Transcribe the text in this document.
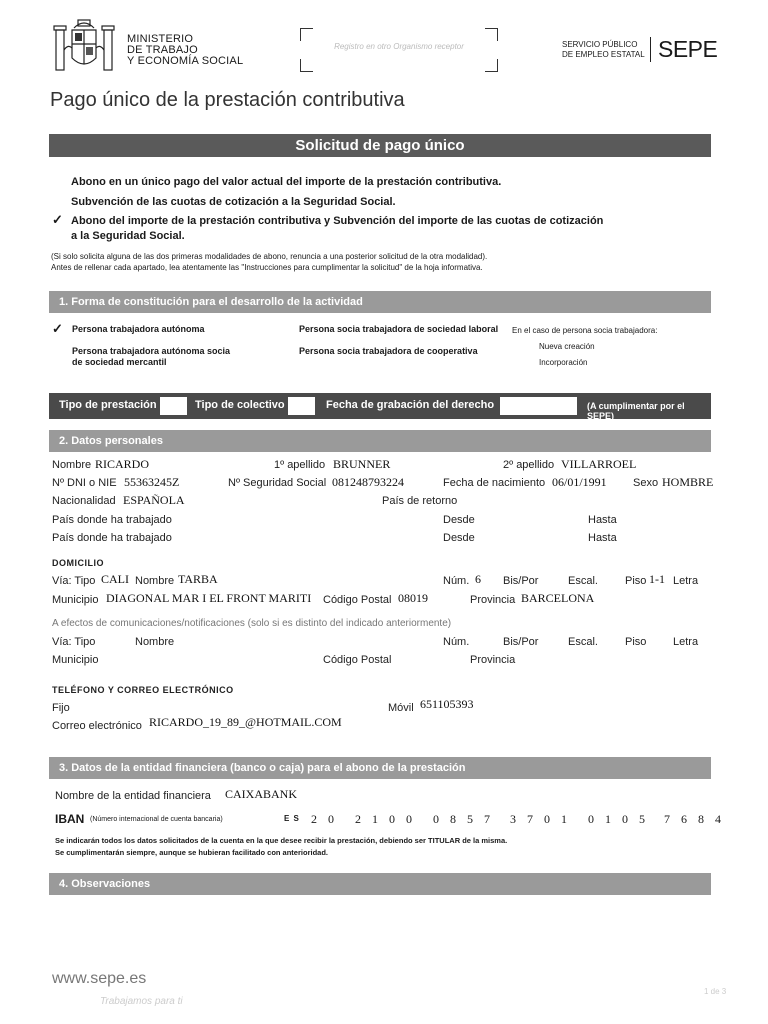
MINISTERIO
DE TRABAJO
Y ECONOMÍA SOCIAL
Registro en otro Organismo receptor	SERVICIO PÚBLICO
DE EMPLEO ESTATAL SEPE
Pago único de la prestación contributiva
Solicitud de pago único
Abono en un único pago del valor actual del importe de la prestación contributiva.
Subvención de las cuotas de cotización a la Seguridad Social.
✓ Abono del importe de la prestación contributiva y Subvención del importe de las cuotas de cotización
a la Seguridad Social.
(Si solo solicita alguna de las dos primeras modalidades de abono, renuncia a una posterior solicitud de la otra modalidad).
Antes de rellenar cada apartado, lea atentamente las "Instrucciones para cumplimentar la solicitud" de la hoja informativa.
1. Forma de constitución para el desarrollo de la actividad
✓ Persona trabajadora autónoma
Persona trabajadora autónoma socia
de sociedad mercantil
Persona socia trabajadora de sociedad laboral
Persona socia trabajadora de cooperativa
En el caso de persona socia trabajadora:
Nueva creación
Incorporación
Tipo de prestación	Tipo de colectivo	Fecha de grabación del derecho	(A cumplimentar por el SEPE)
2. Datos personales
Nombre RICARDO	1º apellido BRUNNER	2º apellido VILLARROEL
Nº DNI o NIE 55363245Z	Nº Seguridad Social 081248793224	Fecha de nacimiento 06/01/1991 Sexo HOMBRE
Nacionalidad ESPAÑOLA	País de retorno
País donde ha trabajado	Desde	Hasta
País donde ha trabajado	Desde	Hasta
DOMICILIO
Vía: Tipo CALI Nombre TARBA	Núm. 6 Bis/Por	Escal. Piso 1-1 Letra
Municipio DIAGONAL MAR I EL FRONT MARITI	Código Postal 08019	Provincia BARCELONA
A efectos de comunicaciones/notificaciones (solo si es distinto del indicado anteriormente)
Vía: Tipo	Nombre	Núm.	Bis/Por	Escal. Piso Letra
Municipio	Código Postal	Provincia
TELÉFONO Y CORREO ELECTRÓNICO
Fijo	Móvil 651105393
Correo electrónico RICARDO_19_89_@HOTMAIL.COM
3. Datos de la entidad financiera (banco o caja) para el abono de la prestación
Nombre de la entidad financiera CAIXABANK
IBAN (Número internacional de cuenta bancaria)	E S 2 0 2 1 0 0 0 8 5 7 3 7 0 1 0 1 0 5 7 6 8 4
Se indicarán todos los datos solicitados de la cuenta en la que desee recibir la prestación, debiendo ser TITULAR de la misma.
Se cumplimentarán siempre, aunque se hubieran facilitado con anterioridad.
4. Observaciones
www.sepe.es
Trabajamos para ti
1 de 3
